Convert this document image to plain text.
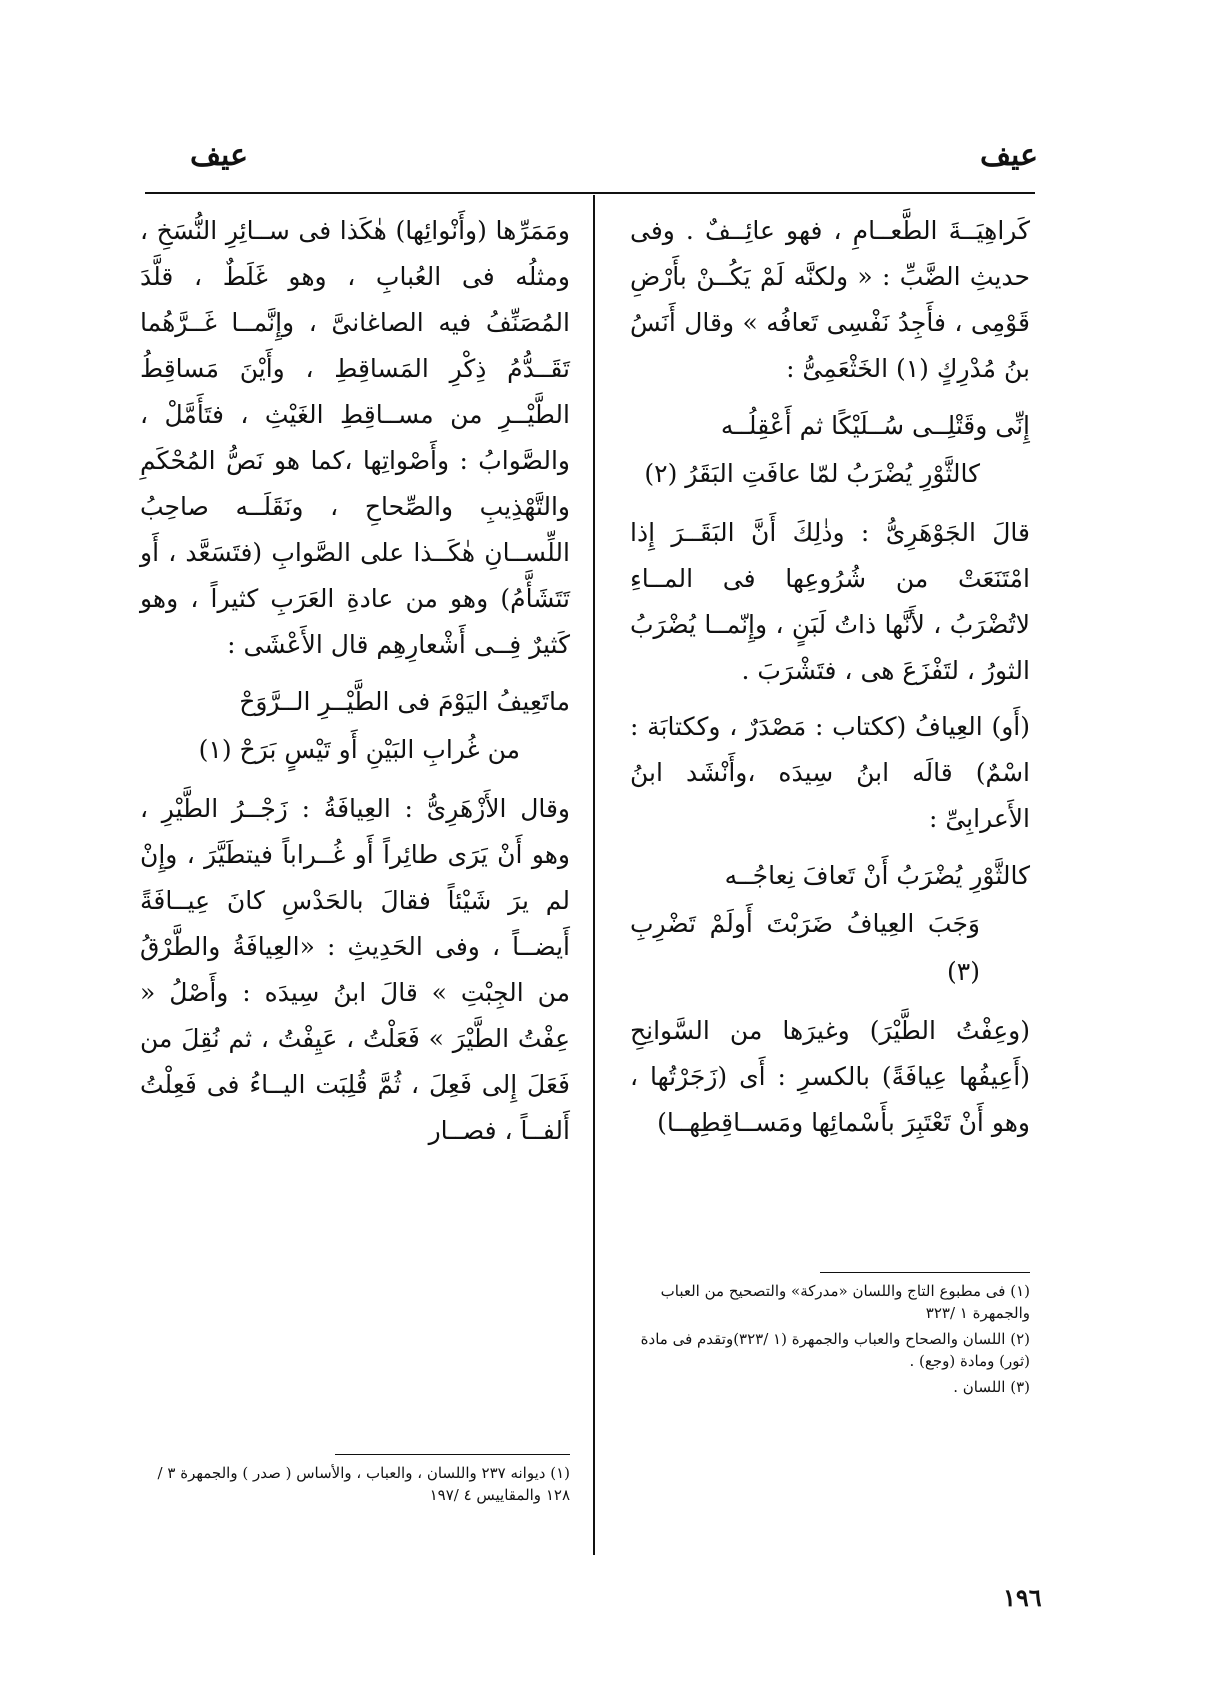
عيف
عيف

كَراهِيَــةَ الطَّعــامِ ، فهو عائِــفٌ . وفى حديثِ الضَّبِّ : « ولكنَّه لَمْ يَكُــنْ بأَرْضِ قَوْمِى ، فأَجِدُ نَفْسِى تَعافُه » وقال أَنَسُ بنُ مُدْرِكٍ (١) الخَثْعَمِىُّ :

إِنِّى وقَتْلِــى سُــلَيْكًا ثم أَعْقِلُــه
كالثَّوْرِ يُضْرَبُ لمّا عافَتِ البَقَرُ (٢)

قالَ الجَوْهَرِىُّ : وذٰلِكَ أَنَّ البَقَــرَ إِذا امْتَنَعَتْ من شُرُوعِها فى المــاءِ لاتُضْرَبُ ، لأَنَّها ذاتُ لَبَنٍ ، وإِنّمــا يُضْرَبُ الثورُ ، لتَفْزَعَ هى ، فتَشْرَبَ .

(أَو) العِيافُ (ككتاب : مَصْدَرٌ ، وككتابَة : اسْمٌ) قالَه ابنُ سِيدَه ،وأَنْشَد ابنُ الأَعرابِىِّ :

كالثَّوْرِ يُضْرَبُ أَنْ تَعافَ نِعاجُــه
وَجَبَ العِيافُ ضَرَبْتَ أَولَمْ تَضْرِبِ (٣)

(وعِفْتُ الطَّيْرَ) وغيرَها من السَّوانِحِ (أَعِيفُها عِيافَةً) بالكسرِ : أَى (زَجَرْتُها ، وهو أَنْ تَعْتَبِرَ بأَسْمائِها ومَســاقِطِهــا)

(١) فى مطبوع التاج واللسان «مدركة» والتصحيح من العباب والجمهرة ١ /٣٢٣
(٢) اللسان والصحاح والعباب والجمهرة (١ /٣٢٣)وتقدم فى مادة (ثور) ومادة (وجع) .
(٣) اللسان .

ومَمَرِّها (وأَنْوائِها) هٰكَذا فى ســائِرِ النُّسَخِ ، ومثلُه فى العُبابِ ، وهو غَلَطٌ ، قلَّدَ المُصَنِّفُ فيه الصاغانىَّ ، وإِنَّمــا غَــرَّهُما تَقَــدُّمُ ذِكْرِ المَساقِطِ ، وأَيْنَ مَساقِطُ الطَّيْــرِ من مســاقِطِ الغَيْثِ ، فتَأَمَّلْ ، والصَّوابُ : وأَصْواتِها ،كما هو نَصُّ المُحْكَمِ والتَّهْذِيبِ والصِّحاحِ ، ونَقَلَــه صاحِبُ اللِّســانِ هٰكَــذا على الصَّوابِ (فتَسَعَّد ، أَو تَتَشَأَّمُ) وهو من عادةِ العَرَبِ كثيراً ، وهو كَثيرٌ فِــى أَشْعارِهِم قال الأَعْشَى :

ماتَعِيفُ اليَوْمَ فى الطَّيْــرِ الــرَّوَحْ
من غُرابِ البَيْنِ أَو تَيْسٍ بَرَحْ (١)

وقال الأَزْهَرِىُّ : العِيافَةُ : زَجْــرُ الطَّيْرِ ، وهو أَنْ يَرَى طائِراً أَو غُــراباً فيتطَيَّرَ ، وإِنْ لم يرَ شَيْئاً فقالَ بالحَدْسِ كانَ عِيــافَةً أَيضــاً ، وفى الحَدِيثِ : «العِيافَةُ والطَّرْقُ من الجِبْتِ » قالَ ابنُ سِيدَه : وأَصْلُ « عِفْتُ الطَّيْرَ » فَعَلْتُ ، عَيِفْتُ ، ثم نُقِلَ من فَعَلَ إِلى فَعِلَ ، ثُمَّ قُلِبَت اليــاءُ فى فَعِلْتُ أَلفــاً ، فصــار

(١) ديوانه ٢٣٧ واللسان ، والعباب ، والأساس ( صدر ) والجمهرة ٣ /١٢٨ والمقاييس ٤ /١٩٧
١٩٦
